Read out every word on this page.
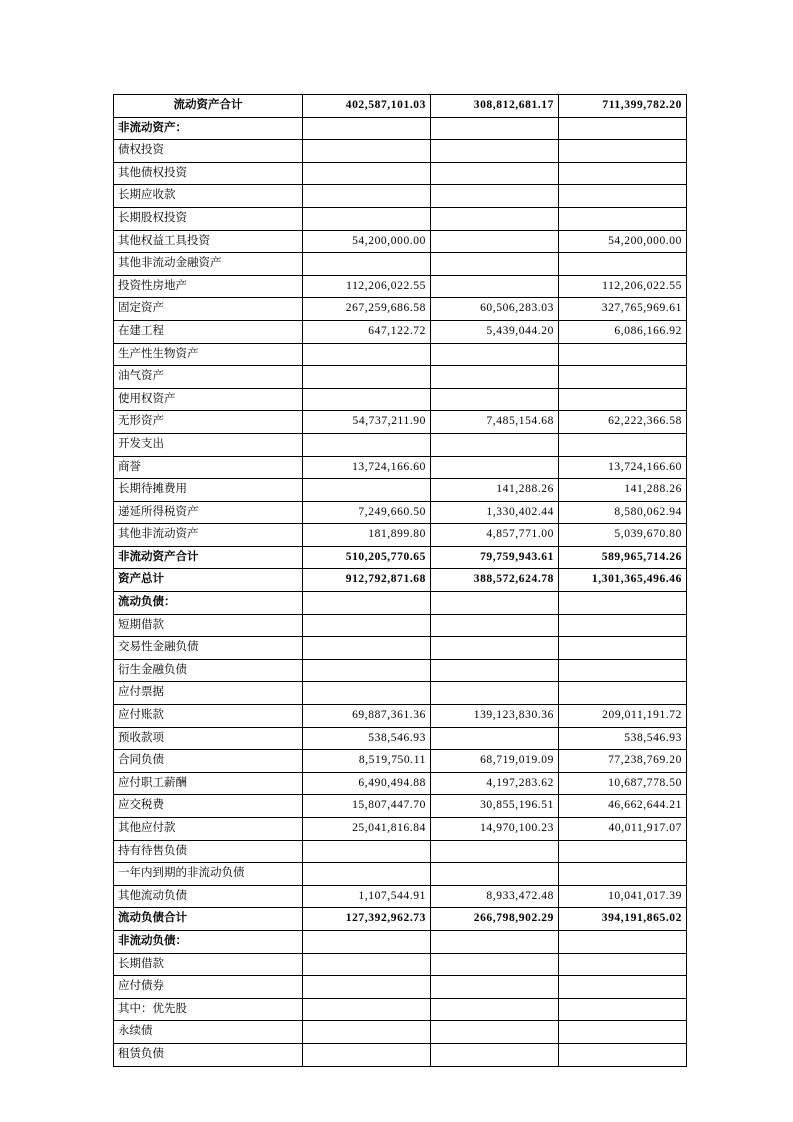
流动资产合计	402,587,101.03	308,812,681.17	711,399,782.20
非流动资产：			
债权投资			
其他债权投资			
长期应收款			
长期股权投资			
其他权益工具投资	54,200,000.00		54,200,000.00
其他非流动金融资产			
投资性房地产	112,206,022.55		112,206,022.55
固定资产	267,259,686.58	60,506,283.03	327,765,969.61
在建工程	647,122.72	5,439,044.20	6,086,166.92
生产性生物资产			
油气资产			
使用权资产			
无形资产	54,737,211.90	7,485,154.68	62,222,366.58
开发支出			
商誉	13,724,166.60		13,724,166.60
长期待摊费用		141,288.26	141,288.26
递延所得税资产	7,249,660.50	1,330,402.44	8,580,062.94
其他非流动资产	181,899.80	4,857,771.00	5,039,670.80
非流动资产合计	510,205,770.65	79,759,943.61	589,965,714.26
资产总计	912,792,871.68	388,572,624.78	1,301,365,496.46
流动负债：			
短期借款			
交易性金融负债			
衍生金融负债			
应付票据			
应付账款	69,887,361.36	139,123,830.36	209,011,191.72
预收款项	538,546.93		538,546.93
合同负债	8,519,750.11	68,719,019.09	77,238,769.20
应付职工薪酬	6,490,494.88	4,197,283.62	10,687,778.50
应交税费	15,807,447.70	30,855,196.51	46,662,644.21
其他应付款	25,041,816.84	14,970,100.23	40,011,917.07
持有待售负债			
一年内到期的非流动负债			
其他流动负债	1,107,544.91	8,933,472.48	10,041,017.39
流动负债合计	127,392,962.73	266,798,902.29	394,191,865.02
非流动负债：			
长期借款			
应付债券			
其中：优先股			
永续债			
租赁负债			
